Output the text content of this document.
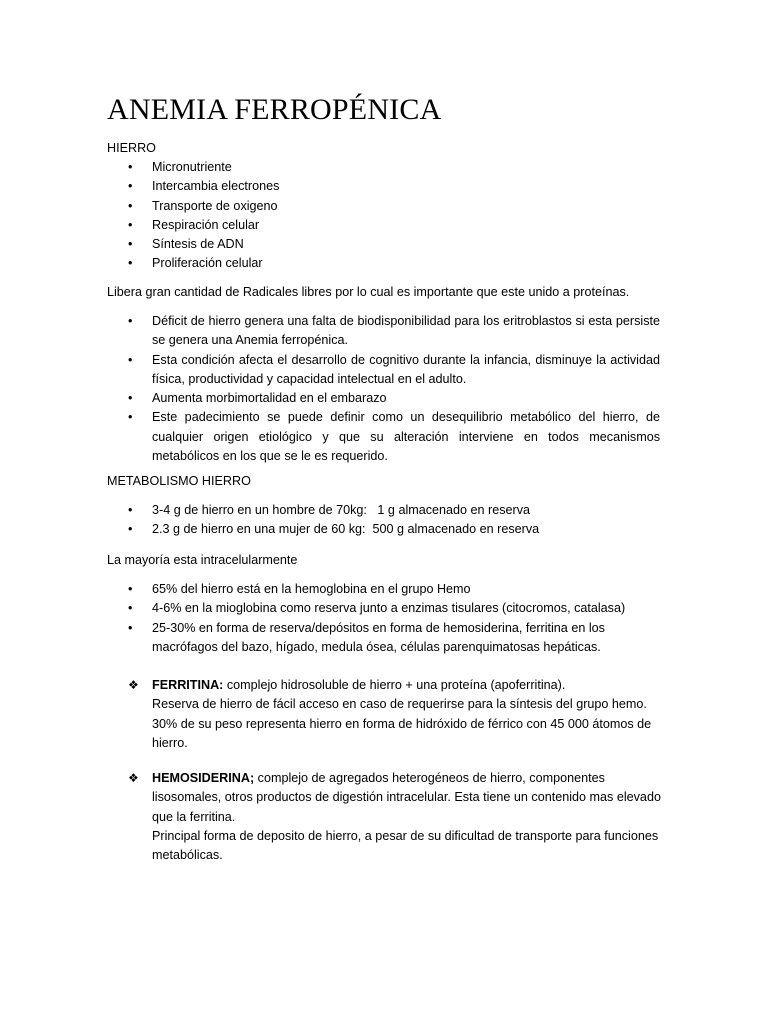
ANEMIA FERROPÉNICA

HIERRO

• Micronutriente
• Intercambia electrones
• Transporte de oxigeno
• Respiración celular
• Síntesis de ADN
• Proliferación celular

Libera gran cantidad de Radicales libres por lo cual es importante que este unido a proteínas.

• Déficit de hierro genera una falta de biodisponibilidad para los eritroblastos si esta persiste se genera una Anemia ferropénica.
• Esta condición afecta el desarrollo de cognitivo durante la infancia, disminuye la actividad física, productividad y capacidad intelectual en el adulto.
• Aumenta morbimortalidad en el embarazo
• Este padecimiento se puede definir como un desequilibrio metabólico del hierro, de cualquier origen etiológico y que su alteración interviene en todos mecanismos metabólicos en los que se le es requerido.

METABOLISMO HIERRO

• 3-4 g de hierro en un hombre de 70kg:   1 g almacenado en reserva
• 2.3 g de hierro en una mujer de 60 kg:  500 g almacenado en reserva

La mayoría esta intracelularmente

• 65% del hierro está en la hemoglobina en el grupo Hemo
• 4-6% en la mioglobina como reserva junto a enzimas tisulares (citocromos, catalasa)
• 25-30% en forma de reserva/depósitos en forma de hemosiderina, ferritina en los macrófagos del bazo, hígado, medula ósea, células parenquimatosas hepáticas.
❖ FERRITINA: complejo hidrosoluble de hierro + una proteína (apoferritina).

Reserva de hierro de fácil acceso en caso de requerirse para la síntesis del grupo hemo.

30% de su peso representa hierro en forma de hidróxido de férrico con 45 000 átomos de hierro.

❖ HEMOSIDERINA; complejo de agregados heterogéneos de hierro, componentes lisosomales, otros productos de digestión intracelular. Esta tiene un contenido mas elevado que la ferritina.

Principal forma de deposito de hierro, a pesar de su dificultad de transporte para funciones metabólicas.
